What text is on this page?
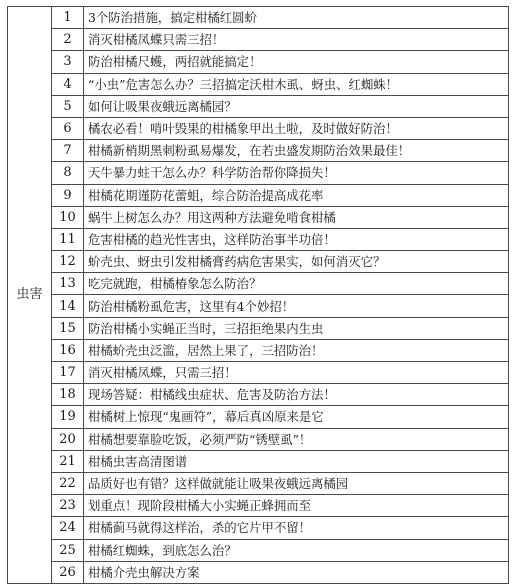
虫害	1	3个防治措施，搞定柑橘红圆蚧
	2	消灭柑橘凤蝶只需三招！
	3	防治柑橘尺蠖，两招就能搞定！
	4	“小虫”危害怎么办？三招搞定沃柑木虱、蚜虫、红蜘蛛！
	5	如何让吸果夜蛾远离橘园？
	6	橘农必看！啃叶毁果的柑橘象甲出土啦，及时做好防治！
	7	柑橘新梢期黑刺粉虱易爆发，在若虫盛发期防治效果最佳！
	8	天牛暴力蛀干怎么办？科学防治帮你降损失！
	9	柑橘花期谨防花蕾蛆，综合防治提高成花率
	10	蜗牛上树怎么办？用这两种方法避免啃食柑橘
	11	危害柑橘的趋光性害虫，这样防治事半功倍！
	12	蚧壳虫、蚜虫引发柑橘膏药病危害果实，如何消灭它？
	13	吃完就跑，柑橘椿象怎么防治？
	14	防治柑橘粉虱危害，这里有4个妙招！
	15	防治柑橘小实蝇正当时，三招拒绝果内生虫
	16	柑橘蚧壳虫泛滥，居然上果了，三招防治！
	17	消灭柑橘凤蝶，只需三招！
	18	现场答疑：柑橘线虫症状、危害及防治方法！
	19	柑橘树上惊现“鬼画符”，幕后真凶原来是它
	20	柑橘想要靠脸吃饭，必须严防“锈壁虱”！
	21	柑橘虫害高清图谱
	22	品质好也有错？这样做就能让吸果夜蛾远离橘园
	23	划重点！现阶段柑橘大小实蝇正蜂拥而至
	24	柑橘蓟马就得这样治，杀的它片甲不留！
	25	柑橘红蜘蛛，到底怎么治？
	26	柑橘介壳虫解决方案
